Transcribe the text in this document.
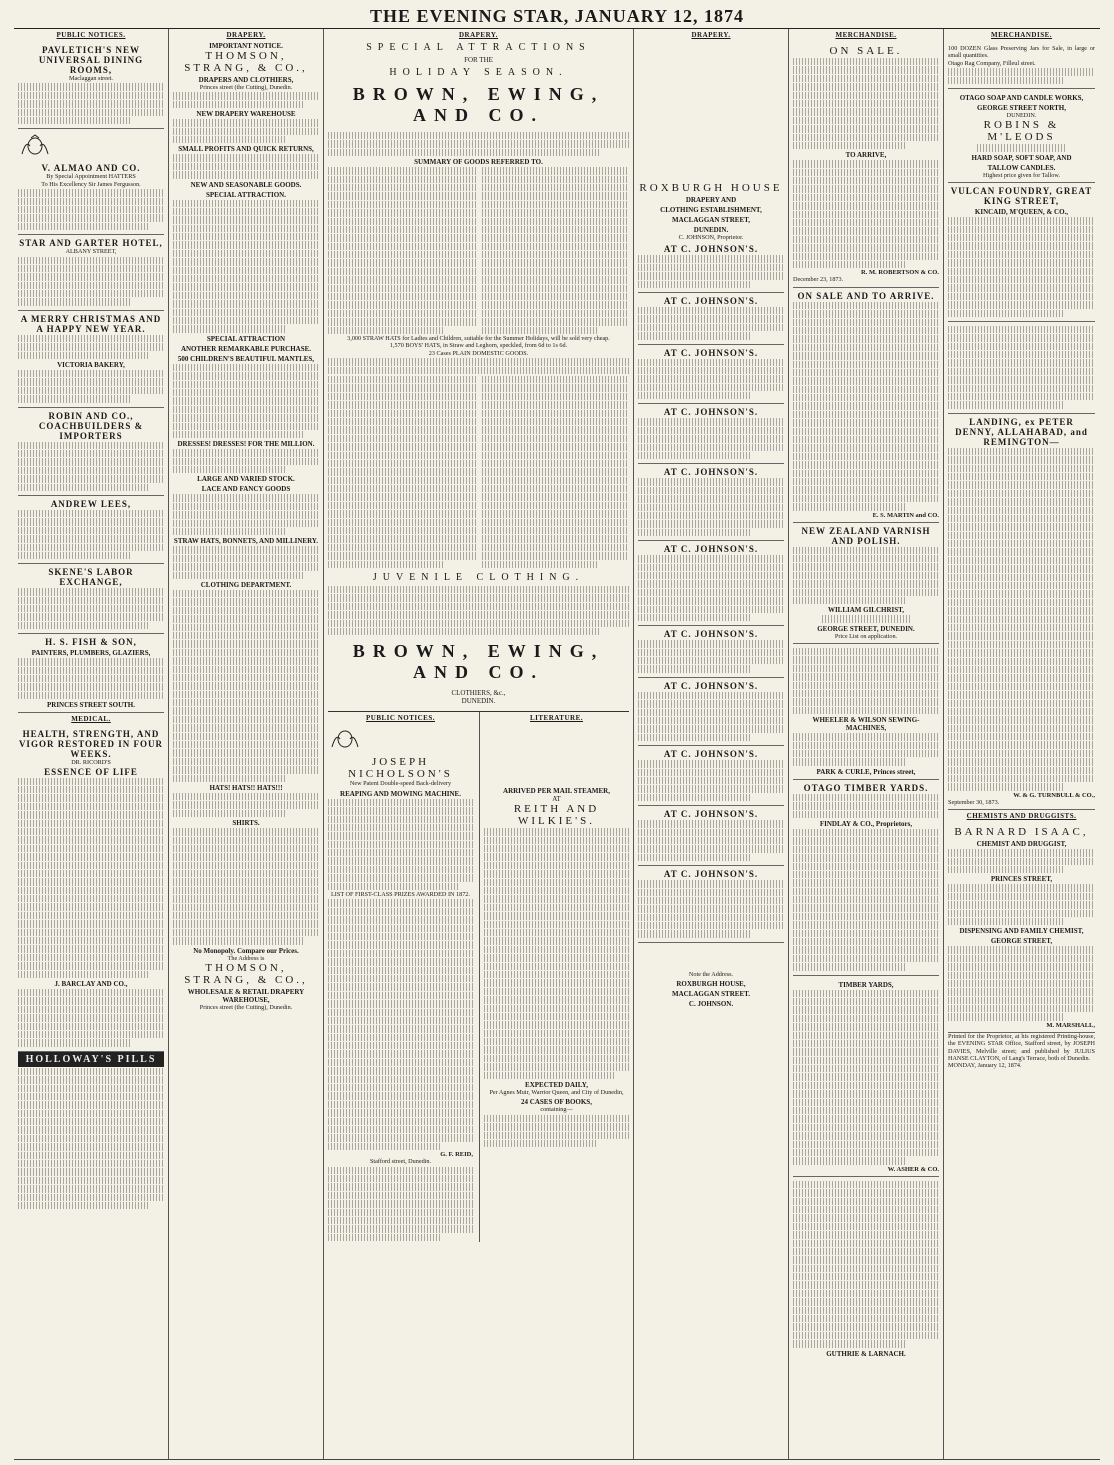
THE EVENING STAR, JANUARY 12, 1874
PUBLIC NOTICES.
PAVLETICH'S NEW UNIVERSAL DINING ROOMS,
Maclaggan street.
V. ALMAO AND CO.
By Special Appointment HATTERS
To His Excellency Sir James Fergusson.
STAR AND GARTER HOTEL,
ALBANY STREET,
A MERRY CHRISTMAS AND A HAPPY NEW YEAR.
VICTORIA BAKERY,
ROBIN AND CO., COACHBUILDERS & IMPORTERS
ANDREW LEES,
SKENE'S LABOR EXCHANGE,
H. S. FISH & SON,
PAINTERS, PLUMBERS, GLAZIERS,
PRINCES STREET SOUTH.
MEDICAL.
HEALTH, STRENGTH, AND VIGOR RESTORED IN FOUR WEEKS.
DR. RICORD'S
ESSENCE OF LIFE
J. BARCLAY AND CO.,
HOLLOWAY'S PILLS
DRAPERY.
IMPORTANT NOTICE.
THOMSON, STRANG, & CO.,
DRAPERS AND CLOTHIERS,
Princes street (the Cutting), Dunedin.
NEW DRAPERY WAREHOUSE
SMALL PROFITS AND QUICK RETURNS,
NEW AND SEASONABLE GOODS.
SPECIAL ATTRACTION.
SPECIAL ATTRACTION
ANOTHER REMARKABLE PURCHASE.
500 CHILDREN'S BEAUTIFUL MANTLES,
DRESSES! DRESSES! FOR THE MILLION.
LARGE AND VARIED STOCK.
LACE AND FANCY GOODS
STRAW HATS, BONNETS, AND MILLINERY.
CLOTHING DEPARTMENT.
HATS! HATS!! HATS!!!
SHIRTS.
No Monopoly. Compare our Prices.
The Address is
THOMSON, STRANG, & CO.,
WHOLESALE & RETAIL DRAPERY WAREHOUSE,
Princes street (the Cutting), Dunedin.
DRAPERY.
SPECIAL ATTRACTIONS
FOR THE
HOLIDAY SEASON.
BROWN, EWING, AND CO.
SUMMARY OF GOODS REFERRED TO.
3,000 STRAW HATS for Ladies and Children, suitable for the Summer Holidays, will be sold very cheap.
1,570 BOYS' HATS, in Straw and Leghorn, speckled, from 6d to 1s 6d.
23 Cases PLAIN DOMESTIC GOODS.
JUVENILE CLOTHING.
BROWN, EWING, AND CO.
CLOTHIERS, &c.,
DUNEDIN.
PUBLIC NOTICES.
JOSEPH NICHOLSON'S
New Patent Double-speed Back-delivery
REAPING AND MOWING MACHINE.
LIST OF FIRST-CLASS PRIZES AWARDED IN 1872.
G. F. REID,
Stafford street, Dunedin.
LITERATURE.
ARRIVED PER MAIL STEAMER,
AT
REITH AND WILKIE'S.
EXPECTED DAILY,
Per Agnes Muir, Warrior Queen, and City of Dunedin,
24 CASES OF BOOKS,
containing—
DRAPERY.
ROXBURGH HOUSE
DRAPERY AND
CLOTHING ESTABLISHMENT,
MACLAGGAN STREET,
DUNEDIN.
C. JOHNSON, Proprietor.
AT C. JOHNSON'S.
AT C. JOHNSON'S.
AT C. JOHNSON'S.
AT C. JOHNSON'S.
AT C. JOHNSON'S.
AT C. JOHNSON'S.
AT C. JOHNSON'S.
AT C. JOHNSON'S.
AT C. JOHNSON'S.
AT C. JOHNSON'S.
AT C. JOHNSON'S.
Note the Address.
ROXBURGH HOUSE,
MACLAGGAN STREET.
C. JOHNSON.
MERCHANDISE.
ON SALE.
TO ARRIVE,
R. M. ROBERTSON & CO.
December 23, 1873.
ON SALE AND TO ARRIVE.
E. S. MARTIN and CO.
NEW ZEALAND VARNISH AND POLISH.
WILLIAM GILCHRIST,
GEORGE STREET, DUNEDIN.
Price List on application.
WHEELER & WILSON SEWING-MACHINES,
PARK & CURLE, Princes street,
OTAGO TIMBER YARDS.
FINDLAY & CO., Proprietors,
TIMBER YARDS,
W. ASHER & CO.
GUTHRIE & LARNACH.
MERCHANDISE.
100 DOZEN Glass Preserving Jars for Sale, in large or small quantities.
Otago Rag Company, Filleul street.
OTAGO SOAP AND CANDLE WORKS,
GEORGE STREET NORTH,
DUNEDIN.
ROBINS & M'LEODS
HARD SOAP, SOFT SOAP, AND
TALLOW CANDLES.
Highest price given for Tallow.
VULCAN FOUNDRY, GREAT KING STREET,
KINCAID, M'QUEEN, & CO.,
LANDING, ex PETER DENNY, ALLAHABAD, and REMINGTON—
W. & G. TURNBULL & CO.,
September 30, 1873.
CHEMISTS AND DRUGGISTS.
BARNARD ISAAC,
CHEMIST AND DRUGGIST,
PRINCES STREET,
DISPENSING AND FAMILY CHEMIST,
GEORGE STREET,
M. MARSHALL,
Printed for the Proprietor, at his registered Printing-house, the EVENING STAR Office, Stafford street, by JOSEPH DAVIES, Melville street; and published by JULIUS HANSE CLAYTON, of Lang's Terrace, both of Dunedin.
MONDAY, January 12, 1874.
